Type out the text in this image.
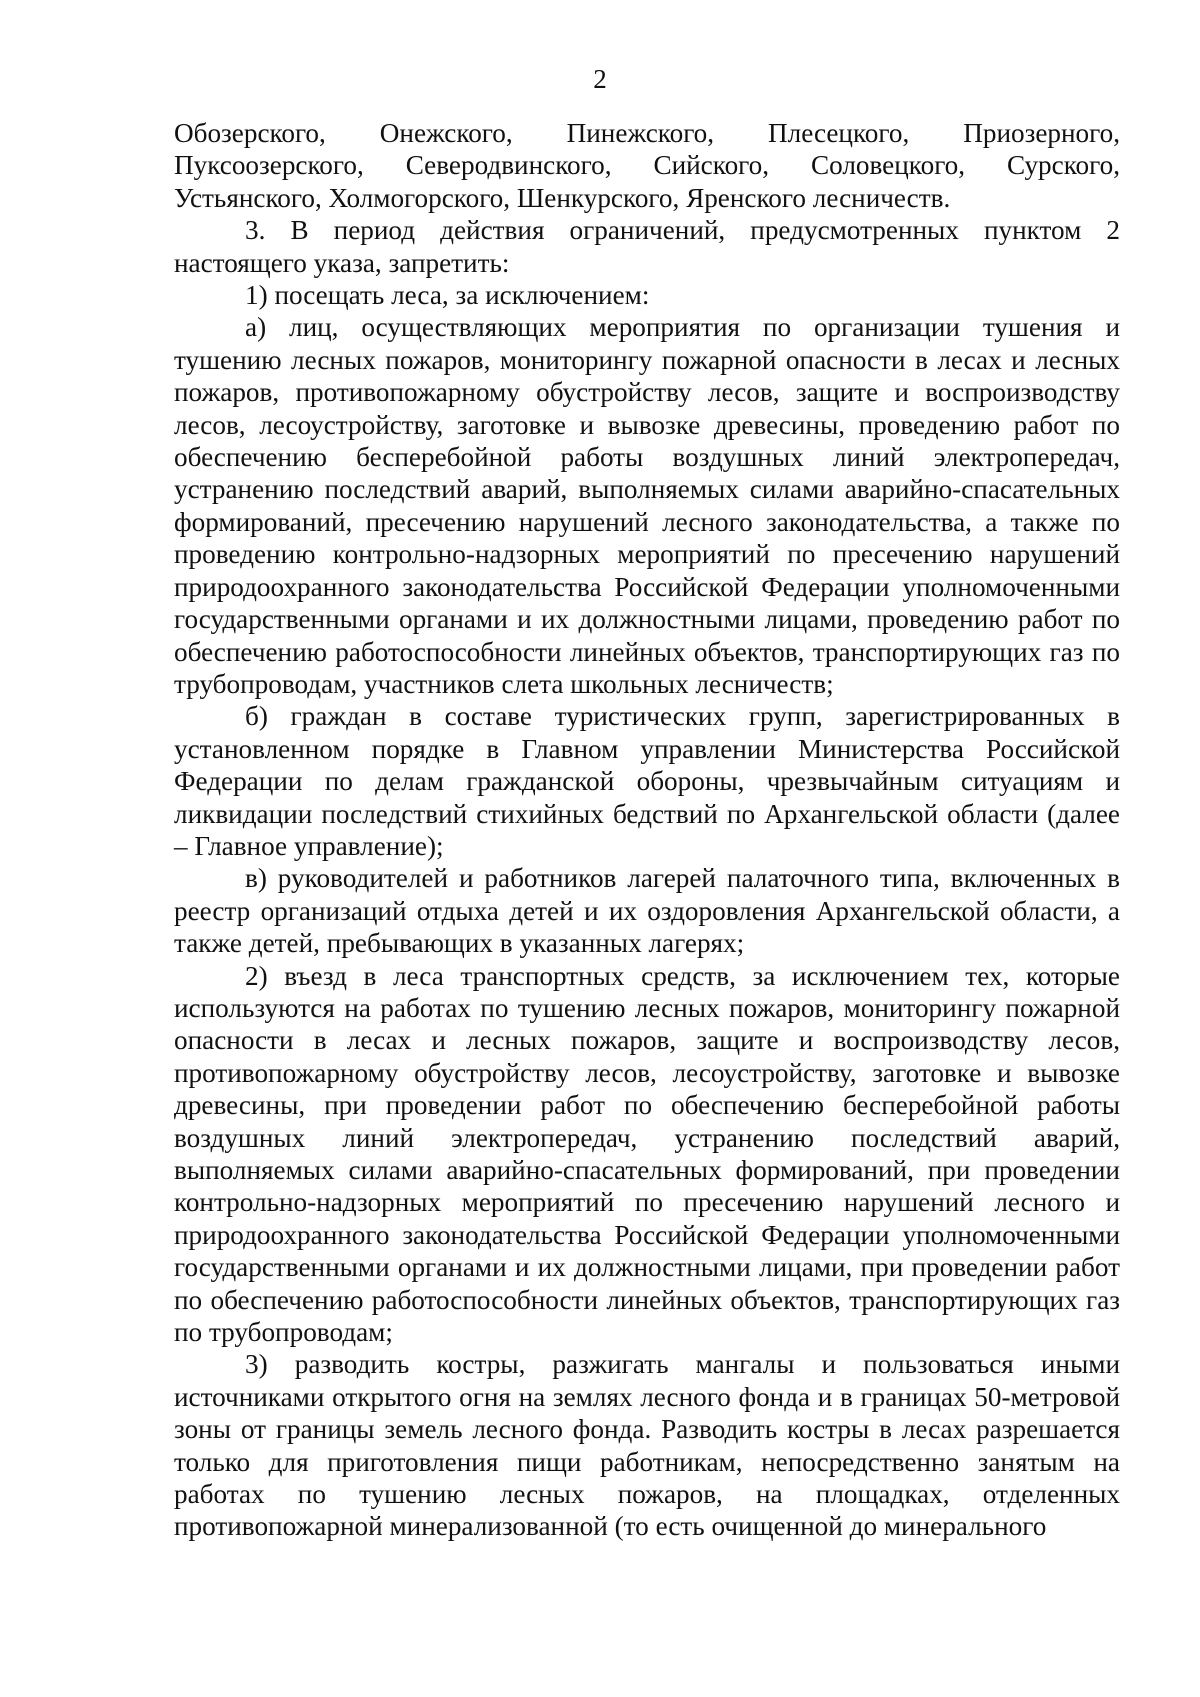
2

Обозерского, Онежского, Пинежского, Плесецкого, Приозерного, Пуксоозерского, Северодвинского, Сийского, Соловецкого, Сурского, Устьянского, Холмогорского, Шенкурского, Яренского лесничеств.

3. В период действия ограничений, предусмотренных пунктом 2 настоящего указа, запретить:

1) посещать леса, за исключением:

а) лиц, осуществляющих мероприятия по организации тушения и тушению лесных пожаров, мониторингу пожарной опасности в лесах и лесных пожаров, противопожарному обустройству лесов, защите и воспроизводству лесов, лесоустройству, заготовке и вывозке древесины, проведению работ по обеспечению бесперебойной работы воздушных линий электропередач, устранению последствий аварий, выполняемых силами аварийно-спасательных формирований, пресечению нарушений лесного законодательства, а также по проведению контрольно-надзорных мероприятий по пресечению нарушений природоохранного законодательства Российской Федерации уполномоченными государственными органами и их должностными лицами, проведению работ по обеспечению работоспособности линейных объектов, транспортирующих газ по трубопроводам, участников слета школьных лесничеств;

б) граждан в составе туристических групп, зарегистрированных в установленном порядке в Главном управлении Министерства Российской Федерации по делам гражданской обороны, чрезвычайным ситуациям и ликвидации последствий стихийных бедствий по Архангельской области (далее – Главное управление);

в) руководителей и работников лагерей палаточного типа, включенных в реестр организаций отдыха детей и их оздоровления Архангельской области, а также детей, пребывающих в указанных лагерях;

2) въезд в леса транспортных средств, за исключением тех, которые используются на работах по тушению лесных пожаров, мониторингу пожарной опасности в лесах и лесных пожаров, защите и воспроизводству лесов, противопожарному обустройству лесов, лесоустройству, заготовке и вывозке древесины, при проведении работ по обеспечению бесперебойной работы воздушных линий электропередач, устранению последствий аварий, выполняемых силами аварийно-спасательных формирований, при проведении контрольно-надзорных мероприятий по пресечению нарушений лесного и природоохранного законодательства Российской Федерации уполномоченными государственными органами и их должностными лицами, при проведении работ по обеспечению работоспособности линейных объектов, транспортирующих газ по трубопроводам;

3) разводить костры, разжигать мангалы и пользоваться иными источниками открытого огня на землях лесного фонда и в границах 50-метровой зоны от границы земель лесного фонда. Разводить костры в лесах разрешается только для приготовления пищи работникам, непосредственно занятым на работах по тушению лесных пожаров, на площадках, отделенных противопожарной минерализованной (то есть очищенной до минерального
